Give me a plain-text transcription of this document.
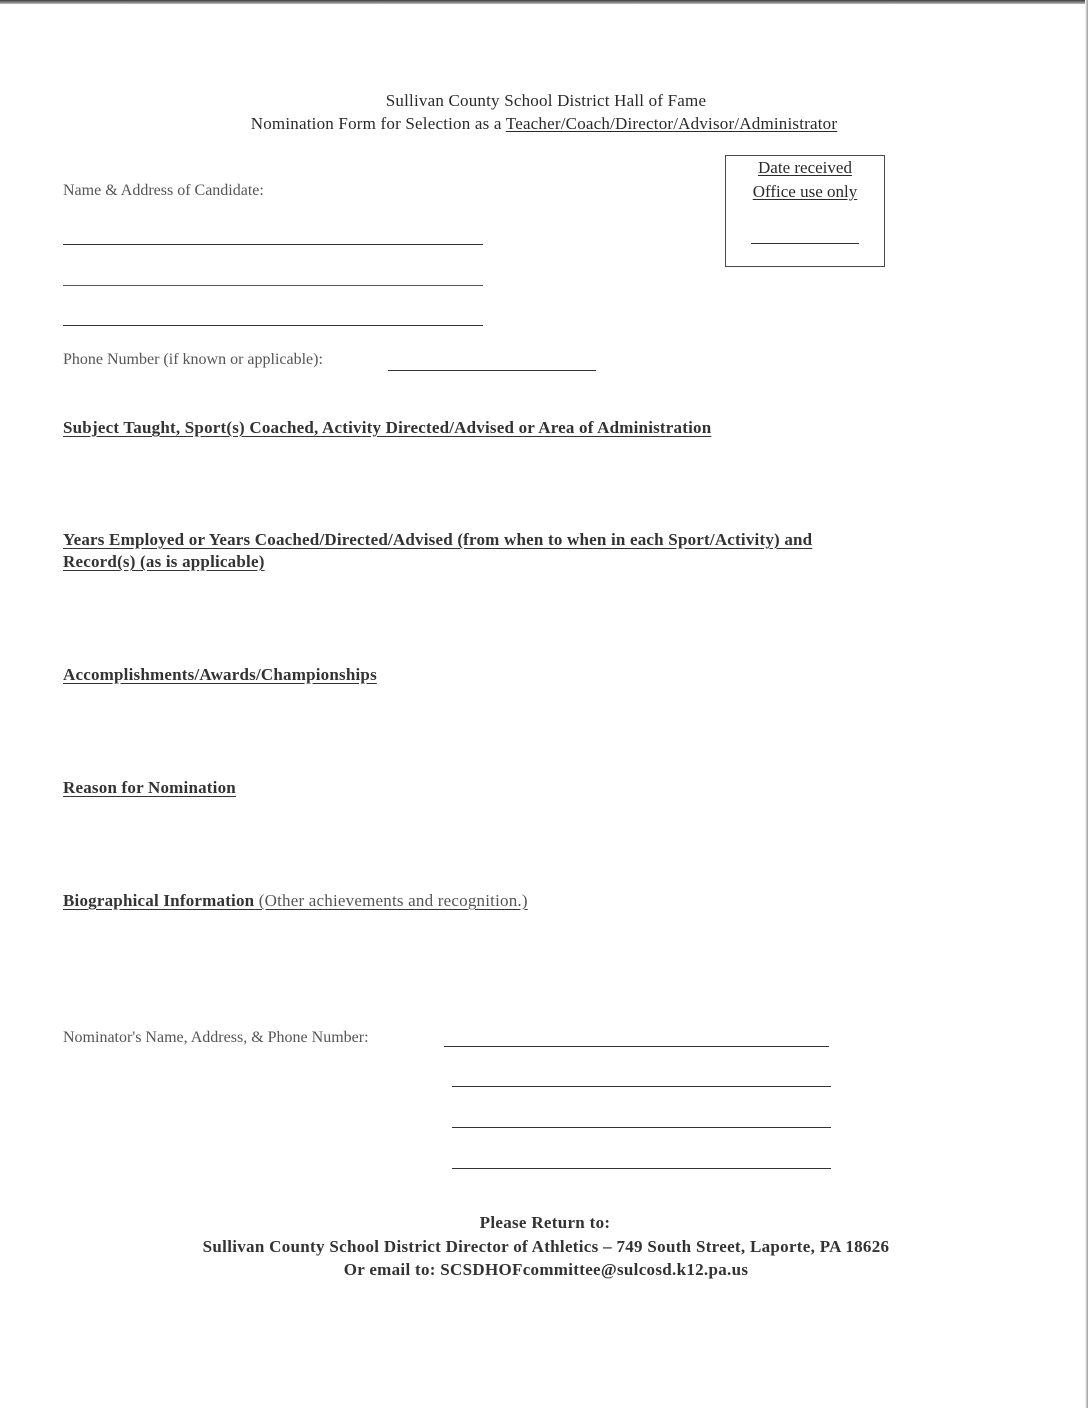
Sullivan County School District Hall of Fame
Nomination Form for Selection as a Teacher/Coach/Director/Advisor/Administrator
Date received
Office use only
Name & Address of Candidate:
Phone Number (if known or applicable):
Subject Taught, Sport(s) Coached, Activity Directed/Advised or Area of Administration
Years Employed or Years Coached/Directed/Advised (from when to when in each Sport/Activity) and
Record(s) (as is applicable)
Accomplishments/Awards/Championships
Reason for Nomination
Biographical Information (Other achievements and recognition.)
Nominator's Name, Address, & Phone Number:
Please Return to:
Sullivan County School District Director of Athletics – 749 South Street, Laporte, PA 18626
Or email to: SCSDHOFcommittee@sulcosd.k12.pa.us
